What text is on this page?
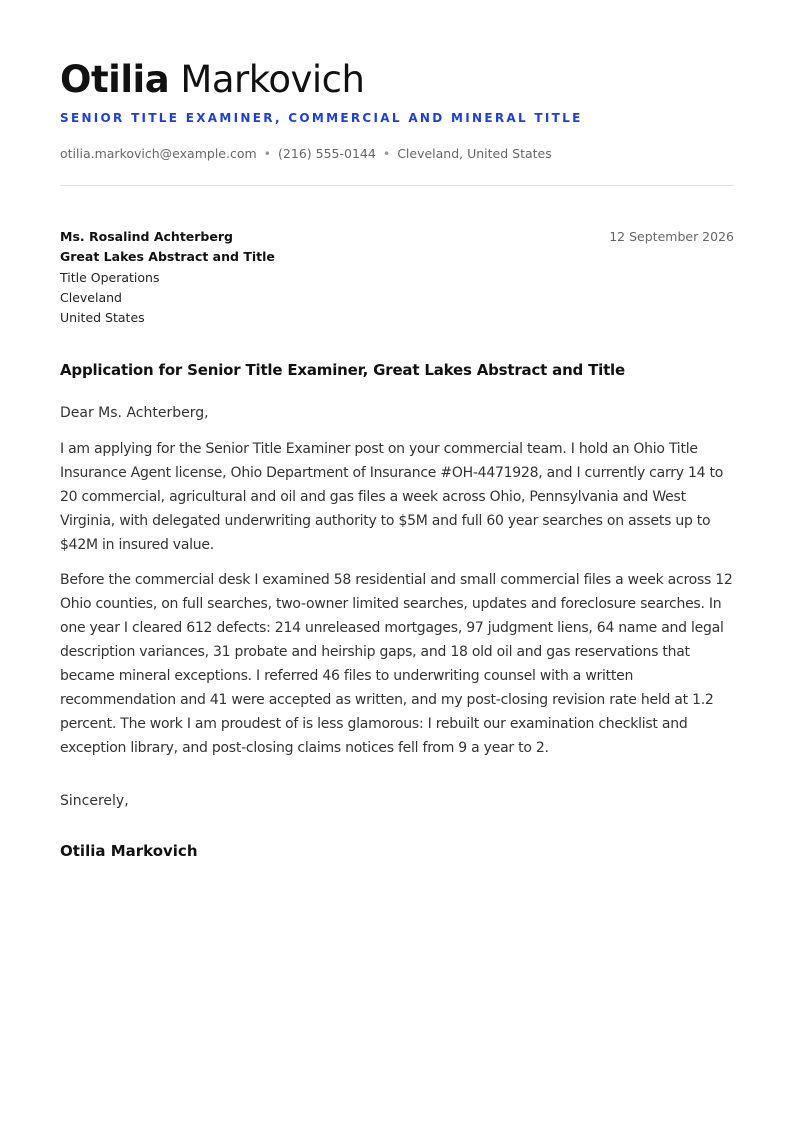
Otilia Markovich
SENIOR TITLE EXAMINER, COMMERCIAL AND MINERAL TITLE
otilia.markovich@example.com • (216) 555-0144 • Cleveland, United States
Ms. Rosalind Achterberg
Great Lakes Abstract and Title
Title Operations
Cleveland
United States
12 September 2026
Application for Senior Title Examiner, Great Lakes Abstract and Title
Dear Ms. Achterberg,
I am applying for the Senior Title Examiner post on your commercial team. I hold an Ohio Title Insurance Agent license, Ohio Department of Insurance #OH-4471928, and I currently carry 14 to 20 commercial, agricultural and oil and gas files a week across Ohio, Pennsylvania and West Virginia, with delegated underwriting authority to $5M and full 60 year searches on assets up to $42M in insured value.
Before the commercial desk I examined 58 residential and small commercial files a week across 12 Ohio counties, on full searches, two-owner limited searches, updates and foreclosure searches. In one year I cleared 612 defects: 214 unreleased mortgages, 97 judgment liens, 64 name and legal description variances, 31 probate and heirship gaps, and 18 old oil and gas reservations that became mineral exceptions. I referred 46 files to underwriting counsel with a written recommendation and 41 were accepted as written, and my post-closing revision rate held at 1.2 percent. The work I am proudest of is less glamorous: I rebuilt our examination checklist and exception library, and post-closing claims notices fell from 9 a year to 2.
Sincerely,
Otilia Markovich
